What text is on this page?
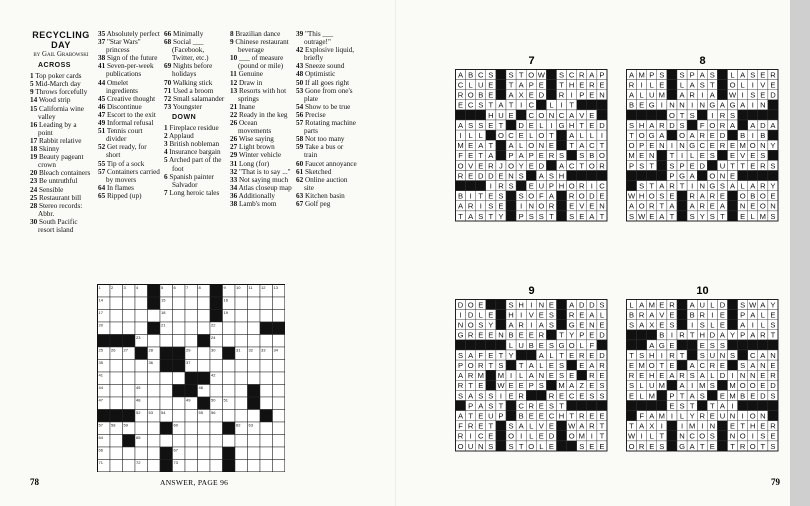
RECYCLING DAY
by Gail Grabowski
ACROSS
1 Top poker cards
5 Mid-March day
9 Throws forcefully
14 Wood strip
15 California wine valley
16 Leading by a point
17 Rabbit relative
18 Skinny
19 Beauty pageant crown
20 Bleach containers
23 Be untruthful
24 Sensible
25 Restaurant bill
28 Stereo records: Abbr.
30 South Pacific resort island
35 Absolutely perfect
37 "Star Wars" princess
38 Sign of the future
41 Seven-per-week publications
44 Omelet ingredients
45 Creative thought
46 Discontinue
47 Escort to the exit
49 Informal refusal
51 Tennis court divider
52 Get ready, for short
55 Tip of a sock
57 Containers carried by movers
64 In flames
65 Ripped (up)
66 Minimally
68 Social ___ (Facebook, Twitter, etc.)
69 Nights before holidays
70 Walking stick
71 Used a broom
72 Small salamander
73 Youngster
DOWN
1 Fireplace residue
2 Applaud
3 British nobleman
4 Insurance bargain
5 Arched part of the foot
6 Spanish painter Salvador
7 Long heroic tales
8 Brazilian dance
9 Chinese restaurant beverage
10 ___ of measure (pound or mile)
11 Genuine
12 Draw in
13 Resorts with hot springs
21 Inane
22 Ready in the keg
26 Ocean movements
26 Wise saying
27 Light brown
29 Winter vehicle
31 Long (for)
32 "That is to say ..."
33 Not saying much
34 Atlas closeup map
36 Additionally
38 Lamb's mom
39 "This ___ outrage!"
42 Explosive liquid, briefly
43 Sneeze sound
48 Optimistic
50 If all goes right
53 Gone from one's plate
54 Show to be true
56 Precise
57 Rotating machine parts
58 Not too many
59 Take a bus or train
60 Faucet annoyance
61 Sketched
62 Online auction site
63 Kitchen basin
67 Golf peg
1	2	3	4	5	6	7	8	9	10 11 12 13
14	15	16
17	18	19
20	21	22
23	24
25 26 27	28	29	30	31 32 33 34
35	36	37
41	42
44	45	46
47	48	49	50 51
52 53 54	55 56
57 58 59	60	62 63
64	65
66	67
71	72	73
78	ANSWER, PAGE 96
7
A B C S S T O W S C R A P
C L U E T A P E T H E R E
R O B E A X E D R I P E N
E C S T A T I C L I T
H U E C O N C A V E
A S S E T D E L I G H T E D
I L L O C E L O T A L L I
M E A T A L O N E T A C T
F E T A P A P E R S S B O
O V E R J O Y E D A C T O R
R E D D E N S A S H
I R S E U P H O R I C
B I T E S S O F A R O D E
A R I S E I N O R E V E N
T A S T Y P S S T S E A T
8
A M P S S P A S L A S E R
R I L E L A S T O L I V E
A L U M A R I A W I S E D
B E G I N N I N G A G A I N
O T S I R S
S H A R D S F O R A A D A
T O G A O A R E D B I B
O P E N I N G C E R E M O N Y
M E N T I L E S E V E S
P S T S P E D U T T E R S
P G A O N E
S T A R T I N G S A L A R Y
W H O S E R A R E O B O E
A O R T A A R E A N E O N
S W E A T S Y S T E L M S
9
D O E	S H I N E A D D S
I D L E H I V E S R E A L
N O S Y A R I A S G E N E
G R E E N B E E R T Y P E D
L U B E S G O L F
S A F E T Y	A L T E R E D
P O R T S T A L E S E A R
A R M M I L A N E S E R E
R T E W E E P S M A Z E S
S A S S I E R	R E C E S S
P A S T C R E S T
A T E U P B E E C H T R E E
F R E T S A L V E W A R T
R I C E O I L E D O M I T
O U N S S T O L E	S E E
10
L A M E R A U L D S W A Y
B R A V E B R I E P A L E
S A X E S I S L E A I L S
B I R T H D A Y P A R T
A G E	E S S
T S H I R T S U N S C A N
E M O T E A C R E S A N E
R E H E A R S A L D I N N E R
S L U M A I M S M O O E D
E L M P T A S E M B E D S
E S T T A I
F A M I L Y R E U N I O N
T A X I I M I N E T H E R
W I L T N C O S N O I S E
O R E S G A T E T R O T S
79
